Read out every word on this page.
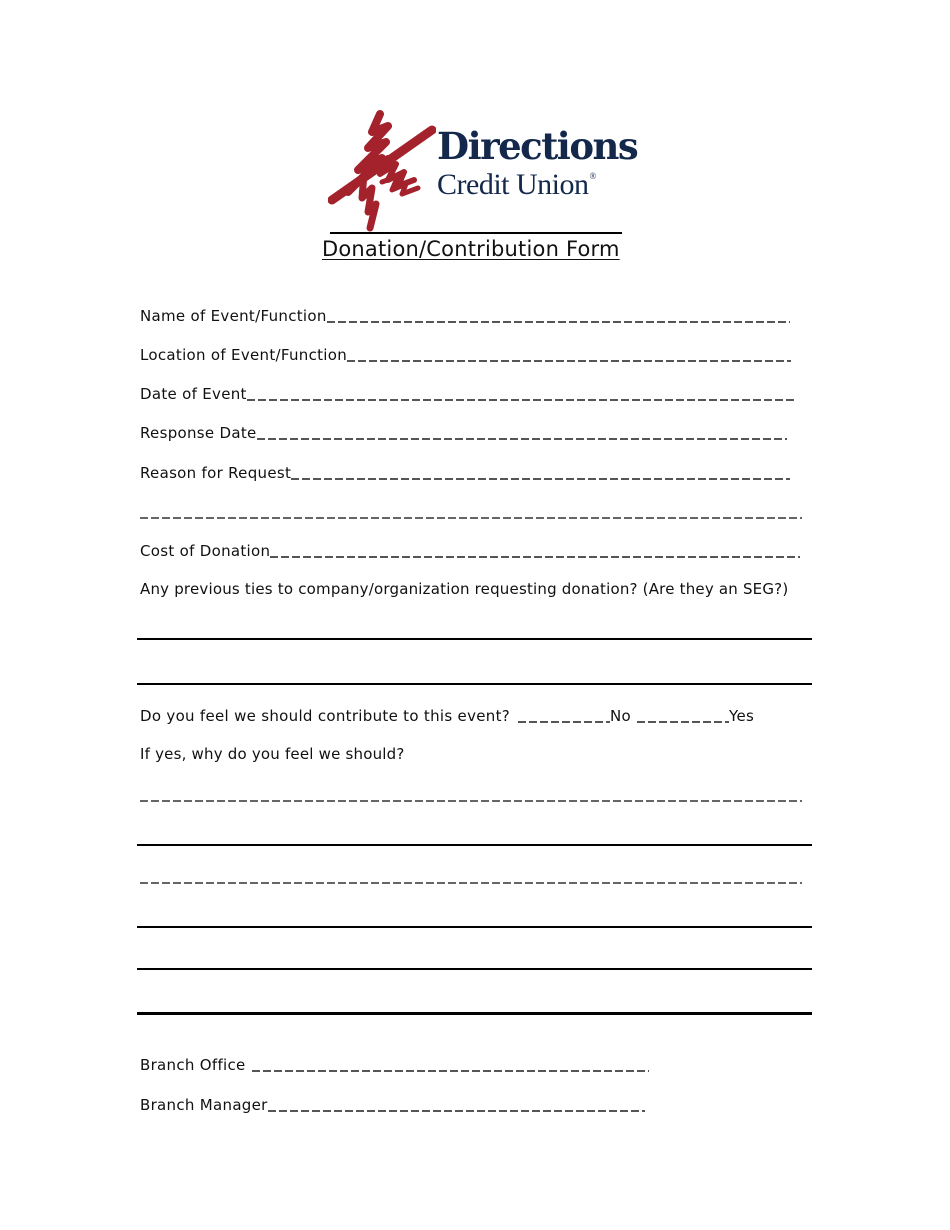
Directions
Credit Union®
Donation/Contribution Form
Name of Event/Function
Location of Event/Function
Date of Event
Response Date
Reason for Request
Cost of Donation
Any previous ties to company/organization requesting donation? (Are they an SEG?)
Do you feel we should contribute to this event?	No	Yes
If yes, why do you feel we should?
Branch Office
Branch Manager
